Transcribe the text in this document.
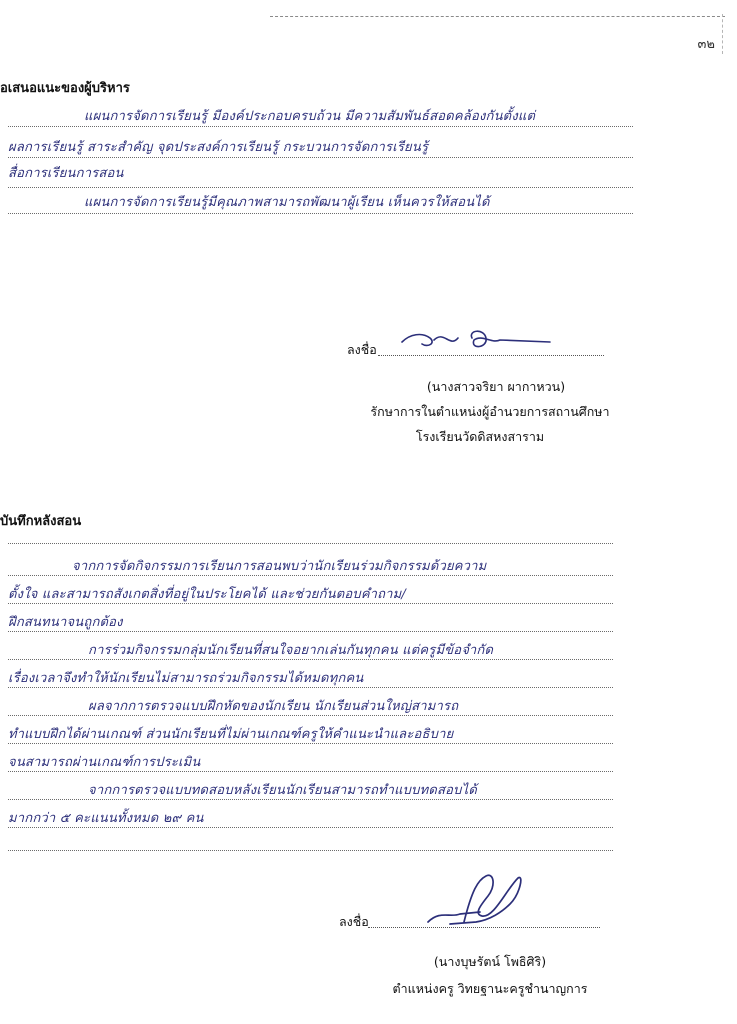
๓๒
อเสนอแนะของผู้บริหาร
แผนการจัดการเรียนรู้ มีองค์ประกอบครบถ้วน มีความสัมพันธ์สอดคล้องกันตั้งแต่
ผลการเรียนรู้ สาระสำคัญ จุดประสงค์การเรียนรู้ กระบวนการจัดการเรียนรู้
สื่อการเรียนการสอน
แผนการจัดการเรียนรู้มีคุณภาพสามารถพัฒนาผู้เรียน เห็นควรให้สอนได้
ลงชื่อ
(นางสาวจริยา ผากาหวน)
รักษาการในตำแหน่งผู้อำนวยการสถานศึกษา
โรงเรียนวัดดิสหงสาราม
บันทึกหลังสอน
จากการจัดกิจกรรมการเรียนการสอนพบว่านักเรียนร่วมกิจกรรมด้วยความ
ตั้งใจ และสามารถสังเกตสิ่งที่อยู่ในประโยคได้ และช่วยกันตอบคำถาม/
ฝึกสนทนาจนถูกต้อง
การร่วมกิจกรรมกลุ่มนักเรียนที่สนใจอยากเล่นกันทุกคน แต่ครูมีข้อจำกัด
เรื่องเวลาจึงทำให้นักเรียนไม่สามารถร่วมกิจกรรมได้หมดทุกคน
ผลจากการตรวจแบบฝึกหัดของนักเรียน นักเรียนส่วนใหญ่สามารถ
ทำแบบฝึกได้ผ่านเกณฑ์ ส่วนนักเรียนที่ไม่ผ่านเกณฑ์ครูให้คำแนะนำและอธิบาย
จนสามารถผ่านเกณฑ์การประเมิน
จากการตรวจแบบทดสอบหลังเรียนนักเรียนสามารถทำแบบทดสอบได้
มากกว่า ๕ คะแนนทั้งหมด ๒๙ คน
ลงชื่อ
(นางบุษรัตน์ โพธิศิริ)
ตำแหน่งครู วิทยฐานะครูชำนาญการ
